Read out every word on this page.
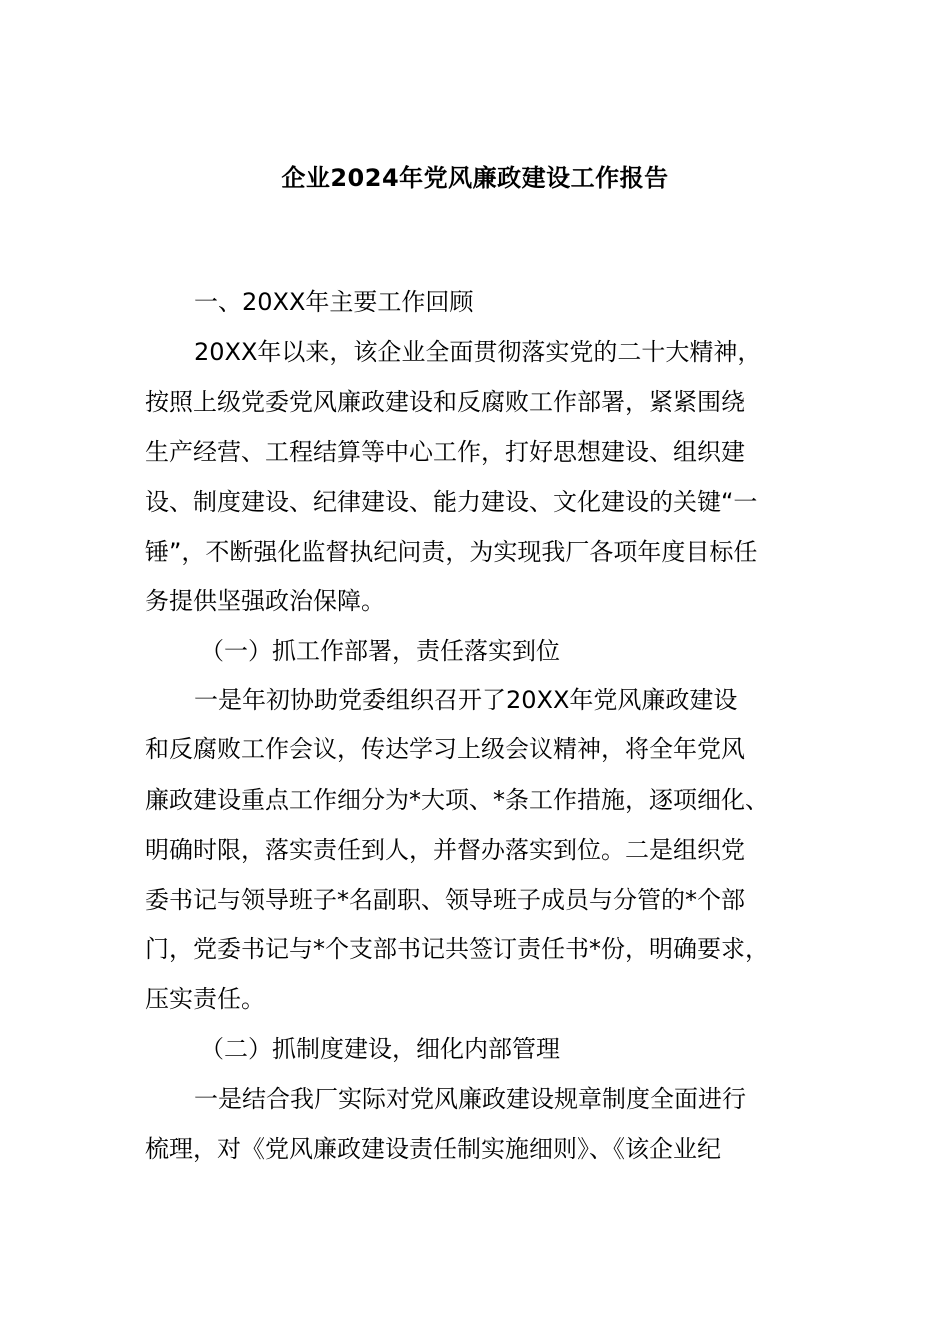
企业2024年党风廉政建设工作报告
一、20XX年主要工作回顾
20XX年以来，该企业全面贯彻落实党的二十大精神，
按照上级党委党风廉政建设和反腐败工作部署，紧紧围绕
生产经营、工程结算等中心工作，打好思想建设、组织建
设、制度建设、纪律建设、能力建设、文化建设的关键“一
锤”，不断强化监督执纪问责，为实现我厂各项年度目标任
务提供坚强政治保障。
（一）抓工作部署，责任落实到位
一是年初协助党委组织召开了20XX年党风廉政建设
和反腐败工作会议，传达学习上级会议精神，将全年党风
廉政建设重点工作细分为*大项、*条工作措施，逐项细化、
明确时限，落实责任到人，并督办落实到位。二是组织党
委书记与领导班子*名副职、领导班子成员与分管的*个部
门，党委书记与*个支部书记共签订责任书*份，明确要求，
压实责任。
（二）抓制度建设，细化内部管理
一是结合我厂实际对党风廉政建设规章制度全面进行
梳理，对《党风廉政建设责任制实施细则》、《该企业纪
